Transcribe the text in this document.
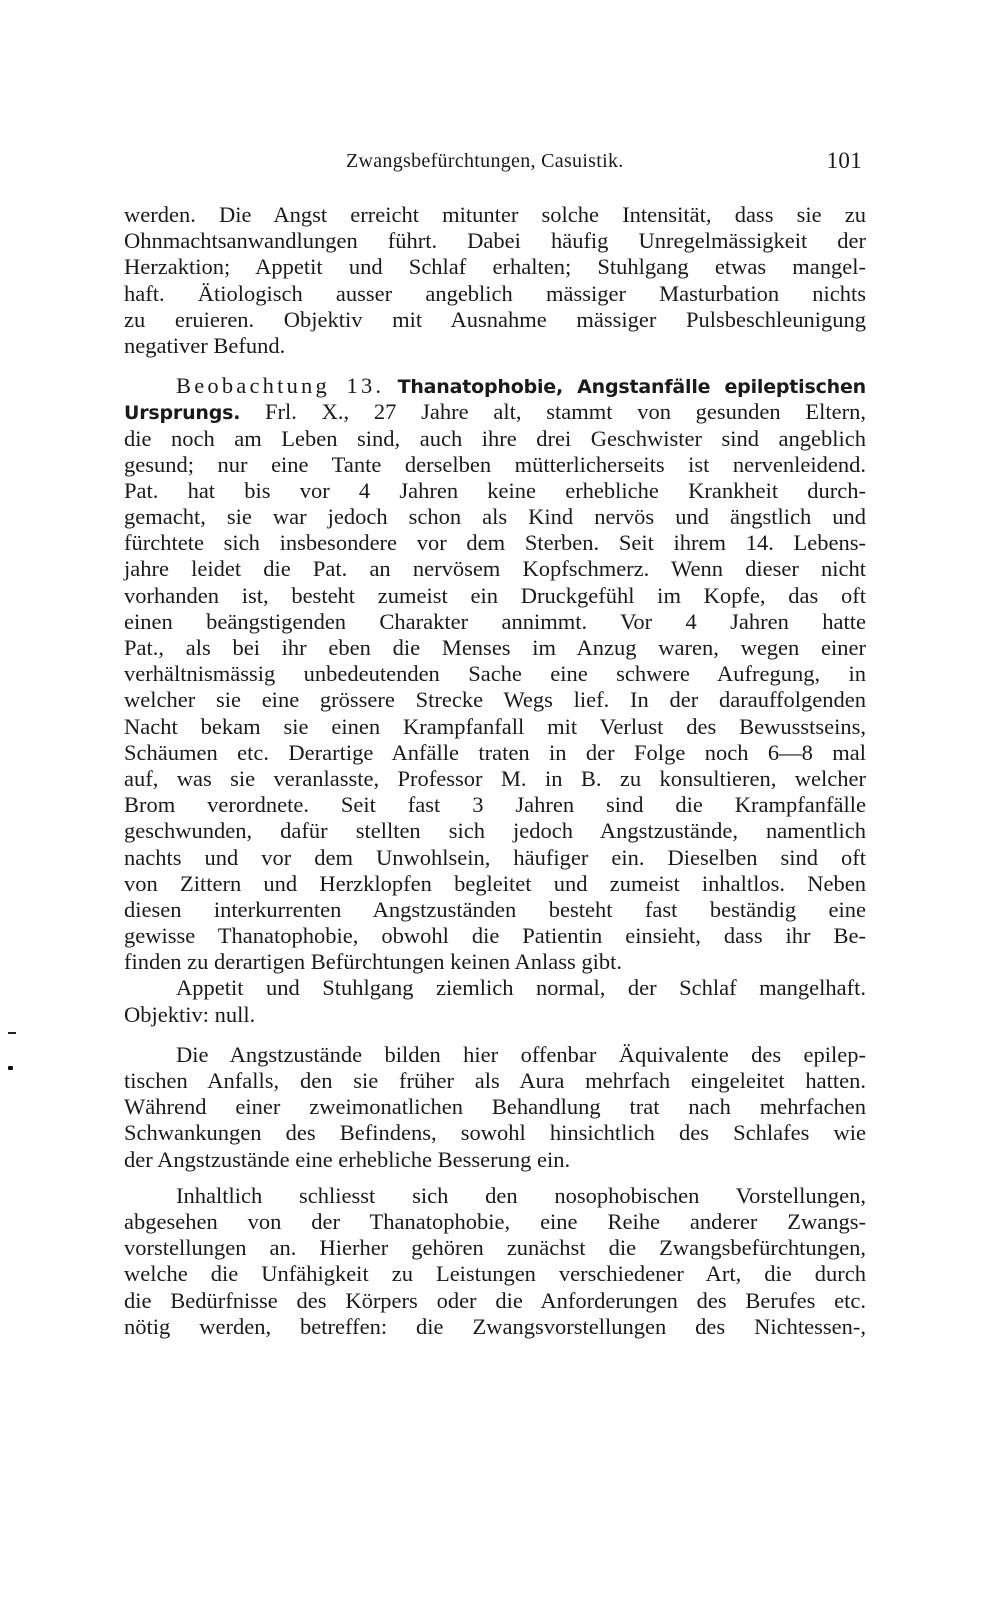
Zwangsbefürchtungen, Casuistik.	101
werden. Die Angst erreicht mitunter solche Intensität, dass sie zu
Ohnmachtsanwandlungen führt. Dabei häufig Unregelmässigkeit der
Herzaktion; Appetit und Schlaf erhalten; Stuhlgang etwas mangel-
haft. Ätiologisch ausser angeblich mässiger Masturbation nichts
zu eruieren. Objektiv mit Ausnahme mässiger Pulsbeschleunigung
negativer Befund.
Beobachtung 13. Thanatophobie, Angstanfälle epileptischen
Ursprungs. Frl. X., 27 Jahre alt, stammt von gesunden Eltern,
die noch am Leben sind, auch ihre drei Geschwister sind angeblich
gesund; nur eine Tante derselben mütterlicherseits ist nervenleidend.
Pat. hat bis vor 4 Jahren keine erhebliche Krankheit durch-
gemacht, sie war jedoch schon als Kind nervös und ängstlich und
fürchtete sich insbesondere vor dem Sterben. Seit ihrem 14. Lebens-
jahre leidet die Pat. an nervösem Kopfschmerz. Wenn dieser nicht
vorhanden ist, besteht zumeist ein Druckgefühl im Kopfe, das oft
einen beängstigenden Charakter annimmt. Vor 4 Jahren hatte
Pat., als bei ihr eben die Menses im Anzug waren, wegen einer
verhältnismässig unbedeutenden Sache eine schwere Aufregung, in
welcher sie eine grössere Strecke Wegs lief. In der darauffolgenden
Nacht bekam sie einen Krampfanfall mit Verlust des Bewusstseins,
Schäumen etc. Derartige Anfälle traten in der Folge noch 6—8 mal
auf, was sie veranlasste, Professor M. in B. zu konsultieren, welcher
Brom verordnete. Seit fast 3 Jahren sind die Krampfanfälle
geschwunden, dafür stellten sich jedoch Angstzustände, namentlich
nachts und vor dem Unwohlsein, häufiger ein. Dieselben sind oft
von Zittern und Herzklopfen begleitet und zumeist inhaltlos. Neben
diesen interkurrenten Angstzuständen besteht fast beständig eine
gewisse Thanatophobie, obwohl die Patientin einsieht, dass ihr Be-
finden zu derartigen Befürchtungen keinen Anlass gibt.
Appetit und Stuhlgang ziemlich normal, der Schlaf mangelhaft.
Objektiv: null.
Die Angstzustände bilden hier offenbar Äquivalente des epilep-
tischen Anfalls, den sie früher als Aura mehrfach eingeleitet hatten.
Während einer zweimonatlichen Behandlung trat nach mehrfachen
Schwankungen des Befindens, sowohl hinsichtlich des Schlafes wie
der Angstzustände eine erhebliche Besserung ein.
Inhaltlich schliesst sich den nosophobischen Vorstellungen,
abgesehen von der Thanatophobie, eine Reihe anderer Zwangs-
vorstellungen an. Hierher gehören zunächst die Zwangsbefürchtungen,
welche die Unfähigkeit zu Leistungen verschiedener Art, die durch
die Bedürfnisse des Körpers oder die Anforderungen des Berufes etc.
nötig werden, betreffen: die Zwangsvorstellungen des Nichtessen-,
